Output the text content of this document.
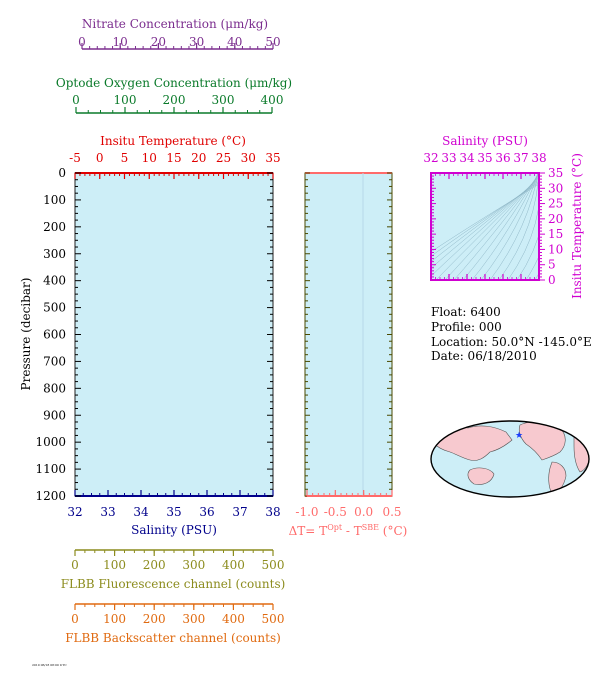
Nitrate Concentration (μm/kg)
Optode Oxygen Concentration (μm/kg)
Insitu Temperature (°C)
Pressure (decibar)
Salinity (PSU)	$\Delta T= T^{Opt} - T^{SBE}$ (°C)
Salinity (PSU)
Insitu Temperature (°C)
Float: 6400
Profile: 000
Location: 50.0°N -145.0°E
Date: 06/18/2010
★
FLBB Fluorescence channel (counts)
FLBB Backscatter channel (counts)
2010 06/18 08:00 UTC
0 10 20 30 40 50
0	100 200 300 400
-5 0 5 10 15 20 25 30 35
32 33 34 35 36 37 38
0 100 200 300 400 500
0 100 200 300 400 500
0
100
200
300
400
500
600
700
800
900
1000
1100
1200
-1.0 -0.5 0.0 0.5
32 33 34 35 36 37 38
0
5
10
15
20
25
30
35
